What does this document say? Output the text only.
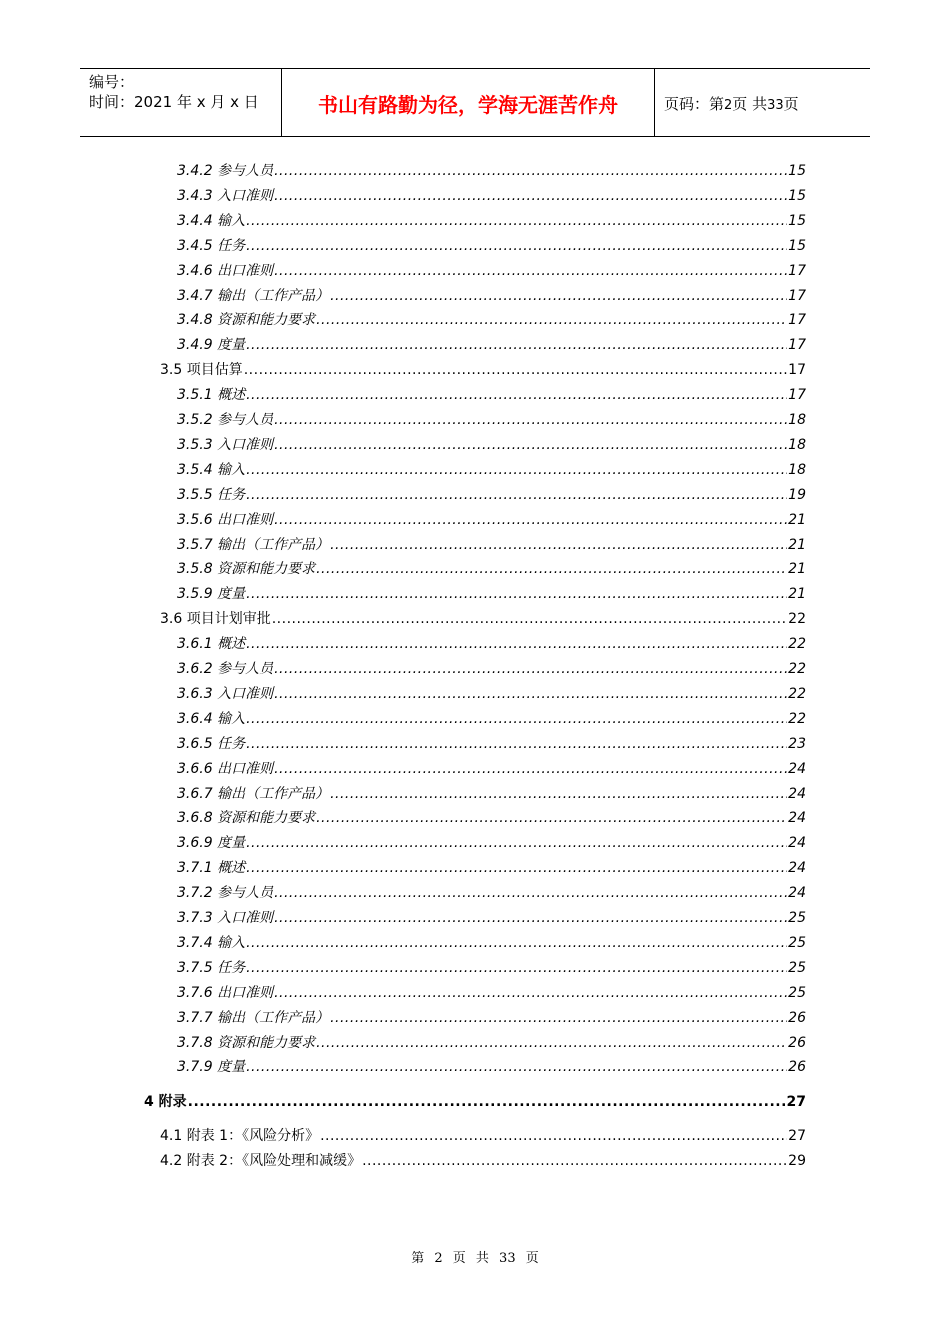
编号：
时间：2021 年 x 月 x 日	书山有路勤为径，学海无涯苦作舟	页码：第2页 共33页
3.4.2 参与人员 .....	15
3.4.3 入口准则 .....	15
3.4.4 输入 .....	15
3.4.5 任务 .....	15
3.4.6 出口准则 .....	17
3.4.7 输出（工作产品） .....	17
3.4.8 资源和能力要求 .....	17
3.4.9 度量 .....	17
3.5 项目估算 .....	17
3.5.1 概述 .....	17
3.5.2 参与人员 .....	18
3.5.3 入口准则 .....	18
3.5.4 输入 .....	18
3.5.5 任务 .....	19
3.5.6 出口准则 .....	21
3.5.7 输出（工作产品） .....	21
3.5.8 资源和能力要求 .....	21
3.5.9 度量 .....	21
3.6 项目计划审批 .....	22
3.6.1 概述 .....	22
3.6.2 参与人员 .....	22
3.6.3 入口准则 .....	22
3.6.4 输入 .....	22
3.6.5 任务 .....	23
3.6.6 出口准则 .....	24
3.6.7 输出（工作产品） .....	24
3.6.8 资源和能力要求 .....	24
3.6.9 度量 .....	24
3.7.1 概述 .....	24
3.7.2 参与人员 .....	24
3.7.3 入口准则 .....	25
3.7.4 输入 .....	25
3.7.5 任务 .....	25
3.7.6 出口准则 .....	25
3.7.7 输出（工作产品） .....	26
3.7.8 资源和能力要求 .....	26
3.7.9 度量 .....	26
4 附录 .....	27
4.1 附表 1：《风险分析》 .....	27
4.2 附表 2：《风险处理和减缓》 .....	29
第 2 页 共 33 页
